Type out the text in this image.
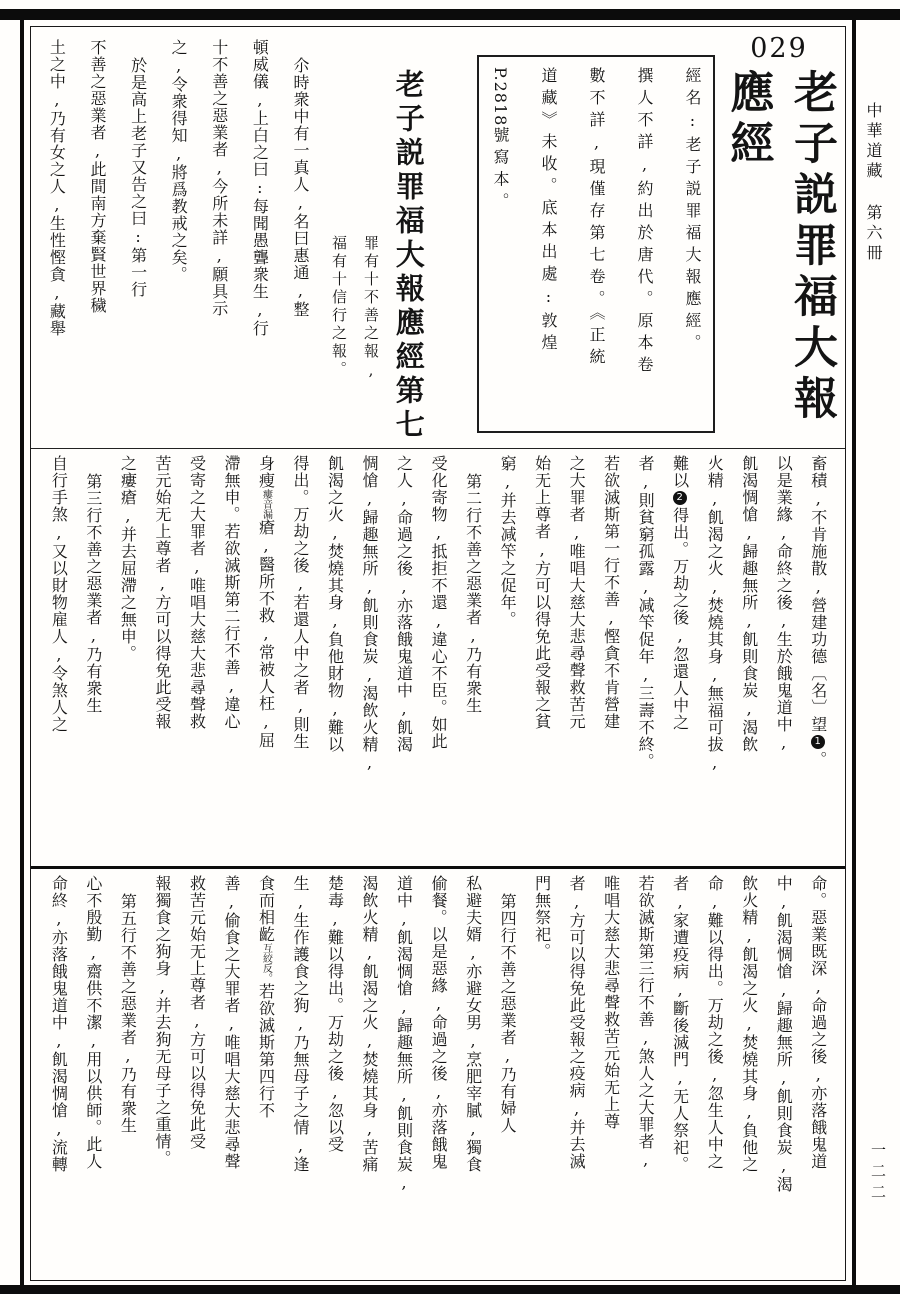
中華道藏第六冊
一二二
029
老子説罪福大報
應經
經名:老子説罪福大報應經。
撰人不詳,約出於唐代。原本卷
數不詳,現僅存第七卷。《正統
道藏》未收。底本出處:敦煌
P.2818號寫本。
老子説罪福大報應經第七
罪有十不善之報,
福有十信行之報。
尒時衆中有一真人,名曰惠通,整
頓威儀,上白之曰:每聞愚聾衆生,行
十不善之惡業者,今所未詳,願具示
之,令衆得知,將爲教戒之矣。
於是高上老子又告之曰:第一行
不善之惡業者,此間南方棄賢世界穢
土之中,乃有女之人,生性慳貪,藏舉
畜積,不肯施散,營建功德〔名〕望1。
以是業緣,命終之後,生於餓鬼道中,
飢渴惆愴,歸趣無所,飢則食炭,渴飲
火精,飢渴之火,焚燒其身,無福可拔,
難以2得出。万劫之後,忽還人中之
者,則貧窮孤露,减笇促年,三壽不終。
若欲滅斯第一行不善,慳貪不肯營建
之大罪者,唯唱大慈大悲尋聲救苦元
始无上尊者,方可以得免此受報之貧
窮,并去减笇之促年。
第二行不善之惡業者,乃有衆生
受化寄物,抵拒不還,違心不臣。如此
之人,命過之後,亦落餓鬼道中,飢渴
惆愴,歸趣無所,飢則食炭,渴飲火精,
飢渴之火,焚燒其身,負他財物,難以
得出。万劫之後,若還人中之者,則生
身瘦瘻音漏瘡,醫所不救,常被人枉,屈
滯無申。若欲滅斯第二行不善,違心
受寄之大罪者,唯唱大慈大悲尋聲救
苦元始无上尊者,方可以得免此受報
之瘻瘡,并去屈滯之無申。
第三行不善之惡業者,乃有衆生
自行手煞,又以財物雇人,令煞人之
命。惡業既深,命過之後,亦落餓鬼道
中,飢渴惆愴,歸趣無所,飢則食炭,渴
飲火精,飢渴之火,焚燒其身,負他之
命,難以得出。万劫之後,忽生人中之
者,家遭疫病,斷後滅門,无人祭祀。
若欲滅斯第三行不善,煞人之大罪者,
唯唱大慈大悲尋聲救苦元始无上尊
者,方可以得免此受報之疫病,并去滅
門無祭祀。
第四行不善之惡業者,乃有婦人
私避夫婿,亦避女男,烹肥宰膩,獨食
偷餐。以是惡緣,命過之後,亦落餓鬼
道中,飢渴惆愴,歸趣無所,飢則食炭,
渴飲火精,飢渴之火,焚燒其身,苦痛
楚毒,難以得出。万劫之後,忽以受
生,生作護食之狗,乃無母子之情,逢
食而相齕互絞反。若欲滅斯第四行不
善,偷食之大罪者,唯唱大慈大悲尋聲
救苦元始无上尊者,方可以得免此受
報獨食之狗身,并去狗无母子之重情。
第五行不善之惡業者,乃有衆生
心不殷勤,齋供不潔,用以供師。此人
命終,亦落餓鬼道中,飢渴惆愴,流轉
